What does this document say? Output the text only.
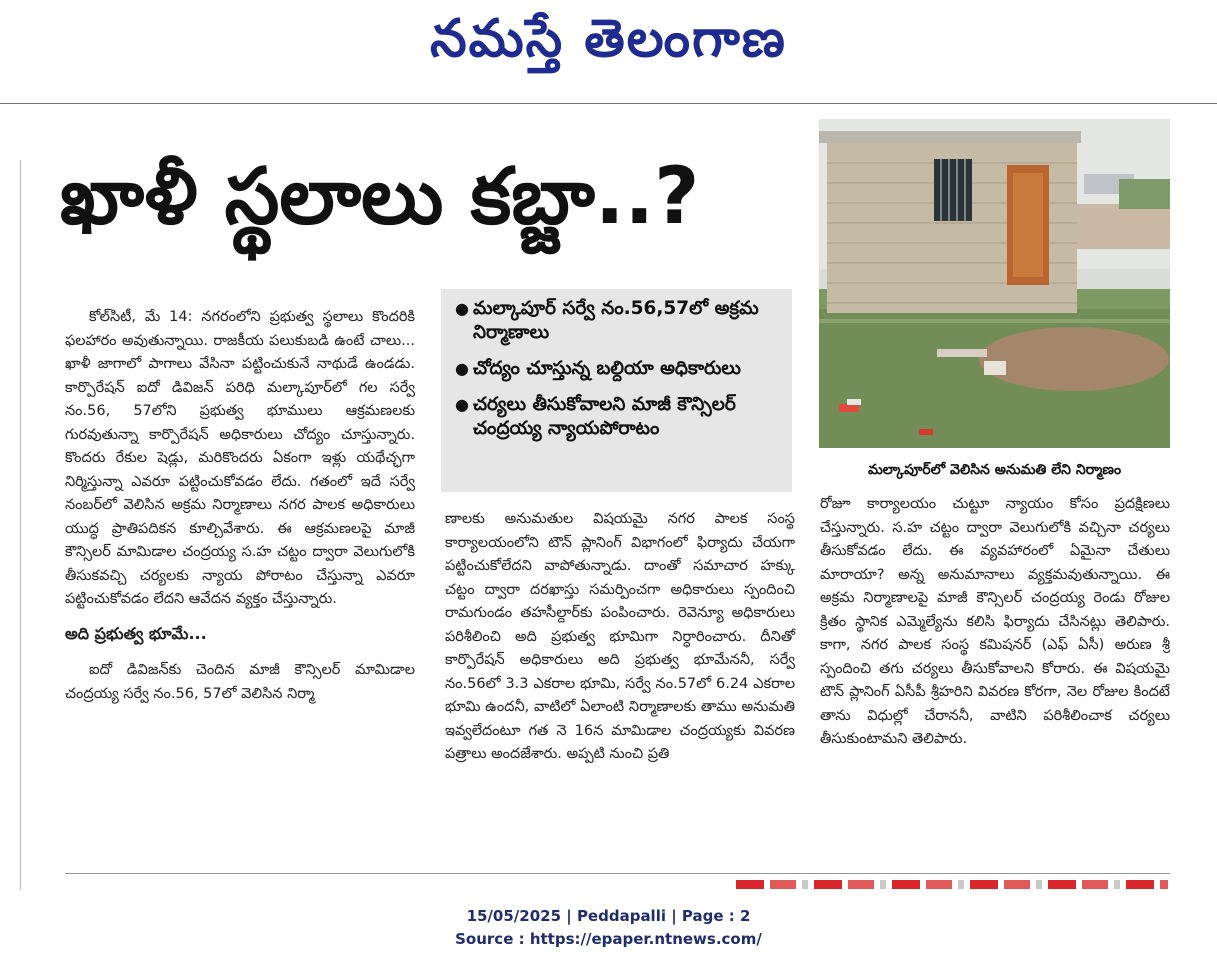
నమస్తే తెలంగాణ
ఖాళీ స్థలాలు కబ్జా..?

కోల్‌సిటీ, మే 14: నగరంలోని ప్రభుత్వ స్థలాలు కొందరికి ఫలహారం అవుతున్నాయి. రాజకీయ పలుకుబడి ఉంటే చాలు... ఖాళీ జాగాలో పాగాలు వేసినా పట్టించుకునే నాథుడే ఉండడు. కార్పొరేషన్ ఐదో డివిజన్ పరిధి మల్కాపూర్‌లో గల సర్వే నం.56, 57లోని ప్రభుత్వ భూములు ఆక్రమణలకు గురవుతున్నా కార్పొరేషన్ అధికారులు చోద్యం చూస్తున్నారు. కొందరు రేకుల షెడ్లు, మరికొందరు ఏకంగా ఇళ్లు యథేచ్ఛగా నిర్మిస్తున్నా ఎవరూ పట్టించుకోవడం లేదు. గతంలో ఇదే సర్వే నంబర్‌లో వెలిసిన అక్రమ నిర్మాణాలు నగర పాలక అధికారులు యుద్ధ ప్రాతిపదికన కూల్చివేశారు. ఈ ఆక్రమణలపై మాజీ కౌన్సిలర్ మామిడాల చంద్రయ్య స.హ చట్టం ద్వారా వెలుగులోకి తీసుకవచ్చి చర్యలకు న్యాయ పోరాటం చేస్తున్నా ఎవరూ పట్టించుకోవడం లేదని ఆవేదన వ్యక్తం చేస్తున్నారు.

అది ప్రభుత్వ భూమే...

ఐదో డివిజన్‌కు చెందిన మాజీ కౌన్సిలర్ మామిడాల చంద్రయ్య సర్వే నం.56, 57లో వెలిసిన నిర్మా

● మల్కాపూర్ సర్వే నం.56,57లో అక్రమ నిర్మాణాలు
● చోద్యం చూస్తున్న బల్దియా అధికారులు
● చర్యలు తీసుకోవాలని మాజీ కౌన్సిలర్ చంద్రయ్య న్యాయపోరాటం

ణాలకు అనుమతుల విషయమై నగర పాలక సంస్థ కార్యాలయంలోని టౌన్ ప్లానింగ్ విభాగంలో ఫిర్యాదు చేయగా పట్టించుకోలేదని వాపోతున్నాడు. దాంతో సమాచార హక్కు చట్టం ద్వారా దరఖాస్తు సమర్పించగా అధికారులు స్పందించి రామగుండం తహసీల్దార్‌కు పంపించారు. రెవెన్యూ అధికారులు పరిశీలించి అది ప్రభుత్వ భూమిగా నిర్ధారించారు. దీనితో కార్పొరేషన్ అధికారులు అది ప్రభుత్వ భూమేననీ, సర్వే నం.56లో 3.3 ఎకరాల భూమి, సర్వే నం.57లో 6.24 ఎకరాల భూమి ఉందనీ, వాటిలో ఏలాంటి నిర్మాణాలకు తాము అనుమతి ఇవ్వలేదంటూ గత నె 16న మామిడాల చంద్రయ్యకు వివరణ పత్రాలు అందజేశారు. అప్పటి నుంచి ప్రతి

మల్కాపూర్‌లో వెలిసిన అనుమతి లేని నిర్మాణం

రోజూ కార్యాలయం చుట్టూ న్యాయం కోసం ప్రదక్షిణలు చేస్తున్నారు. స.హ చట్టం ద్వారా వెలుగులోకి వచ్చినా చర్యలు తీసుకోవడం లేదు. ఈ వ్యవహారంలో ఏమైనా చేతులు మారాయా? అన్న అనుమానాలు వ్యక్తమవుతున్నాయి. ఈ అక్రమ నిర్మాణాలపై మాజీ కౌన్సిలర్ చంద్రయ్య రెండు రోజుల క్రితం స్థానిక ఎమ్మెల్యేను కలిసి ఫిర్యాదు చేసినట్లు తెలిపారు. కాగా, నగర పాలక సంస్థ కమిషనర్ (ఎఫ్ ఏసీ) అరుణ శ్రీ స్పందించి తగు చర్యలు తీసుకోవాలని కోరారు. ఈ విషయమై టౌన్ ప్లానింగ్ ఏసీపీ శ్రీహరిని వివరణ కోరగా, నెల రోజుల కిందటే తాను విధుల్లో చేరాననీ, వాటిని పరిశీలించాక చర్యలు తీసుకుంటామని తెలిపారు.

15/05/2025 | Peddapalli | Page : 2
Source : https://epaper.ntnews.com/
